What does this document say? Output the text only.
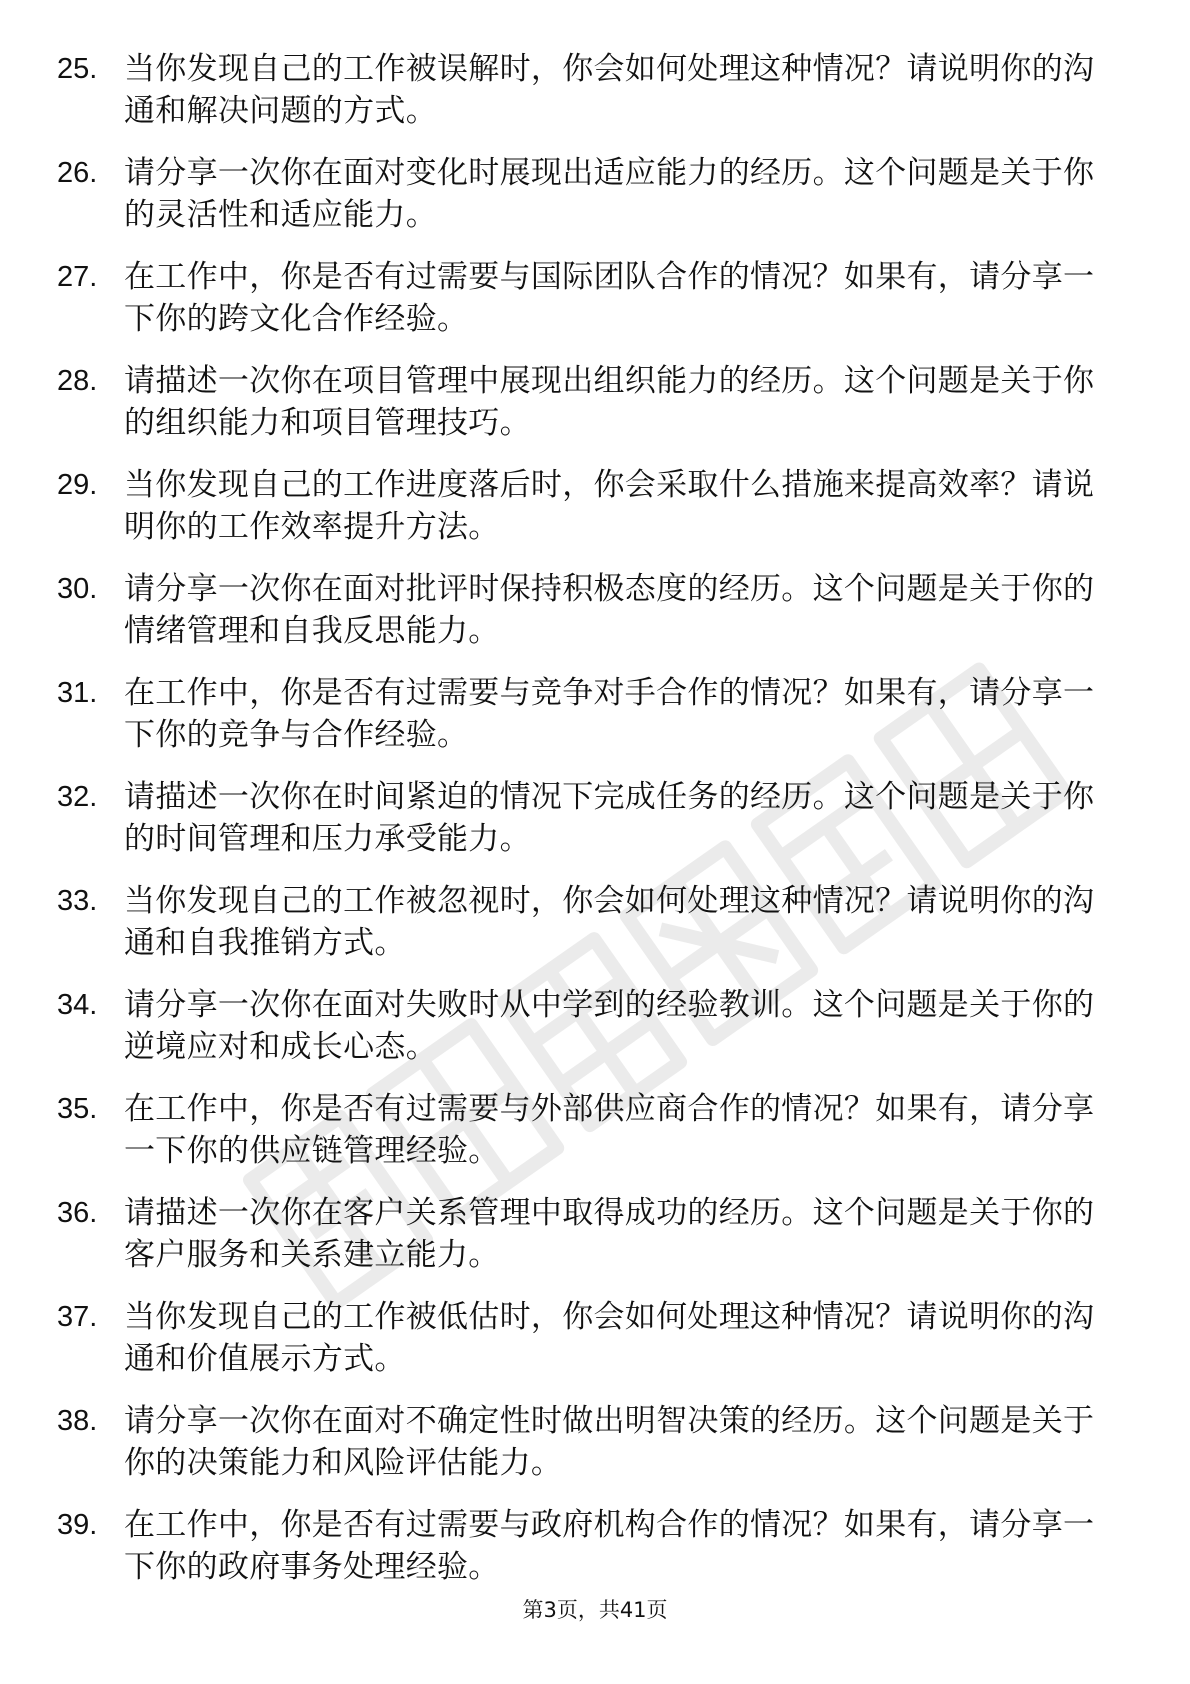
25. 当你发现自己的工作被误解时，你会如何处理这种情况？请说明你的沟通和解决问题的方式。
26. 请分享一次你在面对变化时展现出适应能力的经历。这个问题是关于你的灵活性和适应能力。
27. 在工作中，你是否有过需要与国际团队合作的情况？如果有，请分享一下你的跨文化合作经验。
28. 请描述一次你在项目管理中展现出组织能力的经历。这个问题是关于你的组织能力和项目管理技巧。
29. 当你发现自己的工作进度落后时，你会采取什么措施来提高效率？请说明你的工作效率提升方法。
30. 请分享一次你在面对批评时保持积极态度的经历。这个问题是关于你的情绪管理和自我反思能力。
31. 在工作中，你是否有过需要与竞争对手合作的情况？如果有，请分享一下你的竞争与合作经验。
32. 请描述一次你在时间紧迫的情况下完成任务的经历。这个问题是关于你的时间管理和压力承受能力。
33. 当你发现自己的工作被忽视时，你会如何处理这种情况？请说明你的沟通和自我推销方式。
34. 请分享一次你在面对失败时从中学到的经验教训。这个问题是关于你的逆境应对和成长心态。
35. 在工作中，你是否有过需要与外部供应商合作的情况？如果有，请分享一下你的供应链管理经验。
36. 请描述一次你在客户关系管理中取得成功的经历。这个问题是关于你的客户服务和关系建立能力。
37. 当你发现自己的工作被低估时，你会如何处理这种情况？请说明你的沟通和价值展示方式。
38. 请分享一次你在面对不确定性时做出明智决策的经历。这个问题是关于你的决策能力和风险评估能力。
39. 在工作中，你是否有过需要与政府机构合作的情况？如果有，请分享一下你的政府事务处理经验。
第3页，共41页
